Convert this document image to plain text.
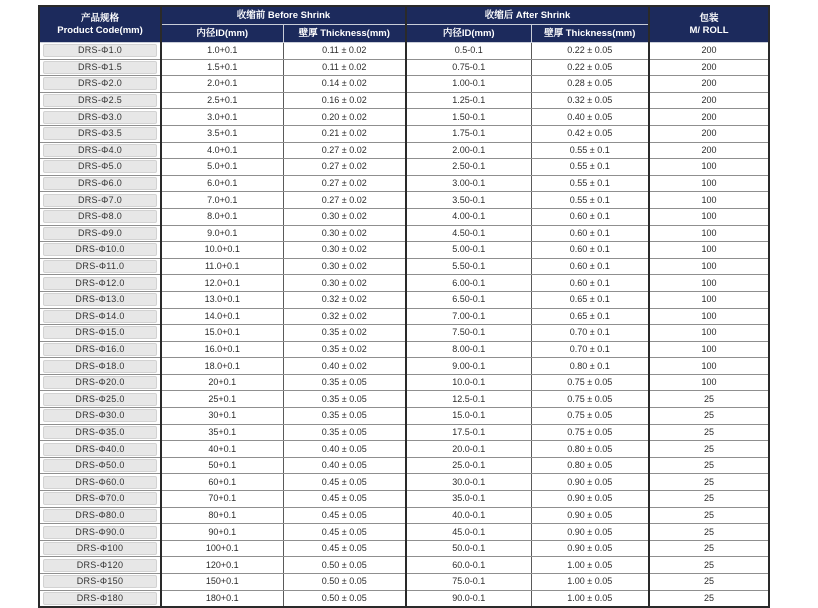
产品规格
Product Code(mm)	收缩前 Before Shrink		收缩后 After Shrink		包装
M/ ROLL

	内径ID(mm)	壁厚 Thickness(mm)	内径ID(mm)	壁厚 Thickness(mm)	

DRS-Φ1.0	1.0+0.1	0.11 ± 0.02	0.5-0.1	0.22 ± 0.05	200

DRS-Φ1.5	1.5+0.1	0.11 ± 0.02	0.75-0.1	0.22 ± 0.05	200

DRS-Φ2.0	2.0+0.1	0.14 ± 0.02	1.00-0.1	0.28 ± 0.05	200

DRS-Φ2.5	2.5+0.1	0.16 ± 0.02	1.25-0.1	0.32 ± 0.05	200

DRS-Φ3.0	3.0+0.1	0.20 ± 0.02	1.50-0.1	0.40 ± 0.05	200

DRS-Φ3.5	3.5+0.1	0.21 ± 0.02	1.75-0.1	0.42 ± 0.05	200

DRS-Φ4.0	4.0+0.1	0.27 ± 0.02	2.00-0.1	0.55 ± 0.1	200

DRS-Φ5.0	5.0+0.1	0.27 ± 0.02	2.50-0.1	0.55 ± 0.1	100

DRS-Φ6.0	6.0+0.1	0.27 ± 0.02	3.00-0.1	0.55 ± 0.1	100

DRS-Φ7.0	7.0+0.1	0.27 ± 0.02	3.50-0.1	0.55 ± 0.1	100

DRS-Φ8.0	8.0+0.1	0.30 ± 0.02	4.00-0.1	0.60 ± 0.1	100

DRS-Φ9.0	9.0+0.1	0.30 ± 0.02	4.50-0.1	0.60 ± 0.1	100

DRS-Φ10.0	10.0+0.1	0.30 ± 0.02	5.00-0.1	0.60 ± 0.1	100

DRS-Φ11.0	11.0+0.1	0.30 ± 0.02	5.50-0.1	0.60 ± 0.1	100

DRS-Φ12.0	12.0+0.1	0.30 ± 0.02	6.00-0.1	0.60 ± 0.1	100

DRS-Φ13.0	13.0+0.1	0.32 ± 0.02	6.50-0.1	0.65 ± 0.1	100

DRS-Φ14.0	14.0+0.1	0.32 ± 0.02	7.00-0.1	0.65 ± 0.1	100

DRS-Φ15.0	15.0+0.1	0.35 ± 0.02	7.50-0.1	0.70 ± 0.1	100

DRS-Φ16.0	16.0+0.1	0.35 ± 0.02	8.00-0.1	0.70 ± 0.1	100

DRS-Φ18.0	18.0+0.1	0.40 ± 0.02	9.00-0.1	0.80 ± 0.1	100

DRS-Φ20.0	20+0.1	0.35 ± 0.05	10.0-0.1	0.75 ± 0.05	100

DRS-Φ25.0	25+0.1	0.35 ± 0.05	12.5-0.1	0.75 ± 0.05	25

DRS-Φ30.0	30+0.1	0.35 ± 0.05	15.0-0.1	0.75 ± 0.05	25

DRS-Φ35.0	35+0.1	0.35 ± 0.05	17.5-0.1	0.75 ± 0.05	25

DRS-Φ40.0	40+0.1	0.40 ± 0.05	20.0-0.1	0.80 ± 0.05	25

DRS-Φ50.0	50+0.1	0.40 ± 0.05	25.0-0.1	0.80 ± 0.05	25

DRS-Φ60.0	60+0.1	0.45 ± 0.05	30.0-0.1	0.90 ± 0.05	25

DRS-Φ70.0	70+0.1	0.45 ± 0.05	35.0-0.1	0.90 ± 0.05	25

DRS-Φ80.0	80+0.1	0.45 ± 0.05	40.0-0.1	0.90 ± 0.05	25

DRS-Φ90.0	90+0.1	0.45 ± 0.05	45.0-0.1	0.90 ± 0.05	25

DRS-Φ100	100+0.1	0.45 ± 0.05	50.0-0.1	0.90 ± 0.05	25

DRS-Φ120	120+0.1	0.50 ± 0.05	60.0-0.1	1.00 ± 0.05	25

DRS-Φ150	150+0.1	0.50 ± 0.05	75.0-0.1	1.00 ± 0.05	25

DRS-Φ180	180+0.1	0.50 ± 0.05	90.0-0.1	1.00 ± 0.05	25
